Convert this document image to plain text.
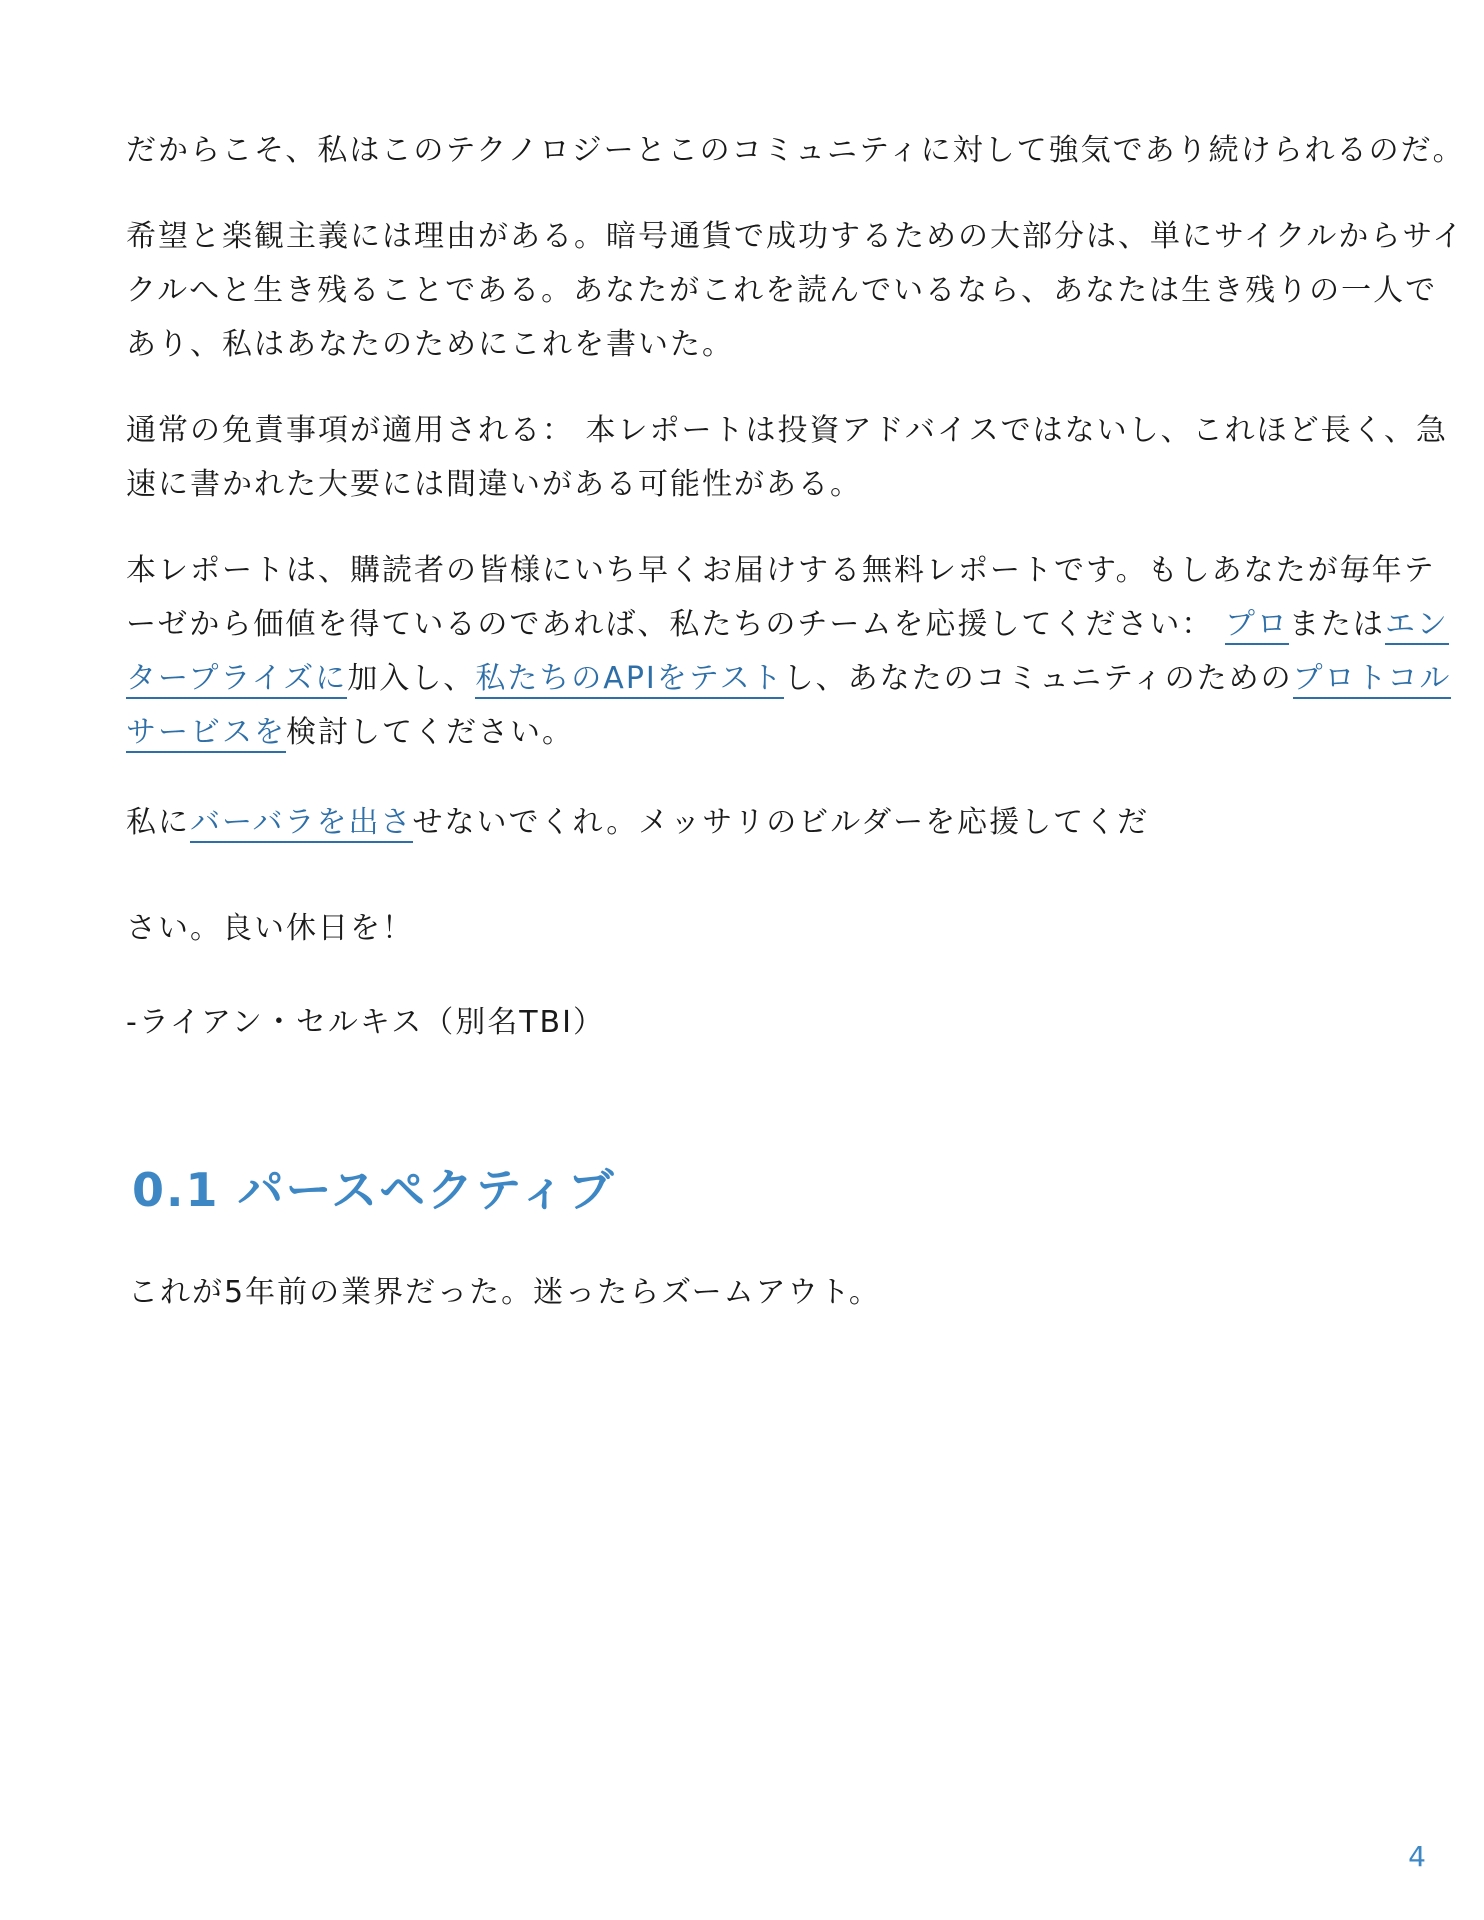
だからこそ、私はこのテクノロジーとこのコミュニティに対して強気であり続けられるのだ。

希望と楽観主義には理由がある。暗号通貨で成功するための大部分は、単にサイクルからサイクルへと生き残ることである。あなたがこれを読んでいるなら、あなたは生き残りの一人であり、私はあなたのためにこれを書いた。

通常の免責事項が適用される： 本レポートは投資アドバイスではないし、これほど長く、急速に書かれた大要には間違いがある可能性がある。

本レポートは、購読者の皆様にいち早くお届けする無料レポートです。もしあなたが毎年テーゼから価値を得ているのであれば、私たちのチームを応援してください： プロまたはエンタープライズに加入し、私たちのAPIをテストし、あなたのコミュニティのためのプロトコルサービスを検討してください。

私にバーバラを出させないでくれ。メッサリのビルダーを応援してくだ

さい。良い休日を！

-ライアン・セルキス（別名TBI）

0.1 パースペクティブ

これが5年前の業界だった。迷ったらズームアウト。

4
